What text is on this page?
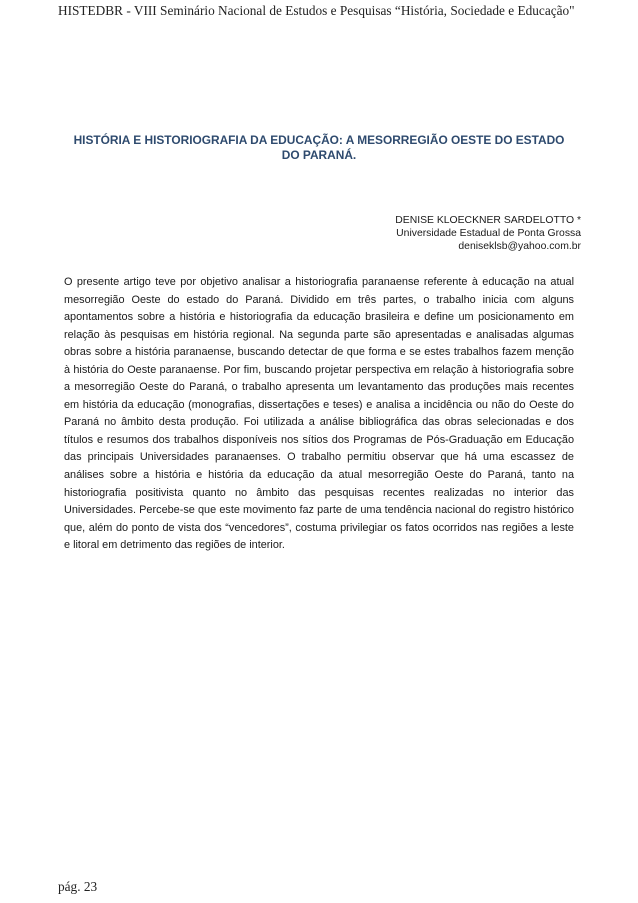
HISTEDBR - VIII Seminário Nacional de Estudos e Pesquisas “História, Sociedade e Educação"
HISTÓRIA E HISTORIOGRAFIA DA EDUCAÇÃO: A MESORREGIÃO OESTE DO ESTADO
DO PARANÁ.
DENISE KLOECKNER SARDELOTTO *
Universidade Estadual de Ponta Grossa
deniseklsb@yahoo.com.br

O presente artigo teve por objetivo analisar a historiografia paranaense referente à educação na atual mesorregião Oeste do estado do Paraná. Dividido em três partes, o trabalho inicia com alguns apontamentos sobre a história e historiografia da educação brasileira e define um posicionamento em relação às pesquisas em história regional. Na segunda parte são apresentadas e analisadas algumas obras sobre a história paranaense, buscando detectar de que forma e se estes trabalhos fazem menção à história do Oeste paranaense. Por fim, buscando projetar perspectiva em relação à historiografia sobre a mesorregião Oeste do Paraná, o trabalho apresenta um levantamento das produções mais recentes em história da educação (monografias, dissertações e teses) e analisa a incidência ou não do Oeste do Paraná no âmbito desta produção. Foi utilizada a análise bibliográfica das obras selecionadas e dos títulos e resumos dos trabalhos disponíveis nos sítios dos Programas de Pós-Graduação em Educação das principais Universidades paranaenses. O trabalho permitiu observar que há uma escassez de análises sobre a história e história da educação da atual mesorregião Oeste do Paraná, tanto na historiografia positivista quanto no âmbito das pesquisas recentes realizadas no interior das Universidades. Percebe-se que este movimento faz parte de uma tendência nacional do registro histórico que, além do ponto de vista dos “vencedores”, costuma privilegiar os fatos ocorridos nas regiões a leste e litoral em detrimento das regiões de interior.

pág. 23
